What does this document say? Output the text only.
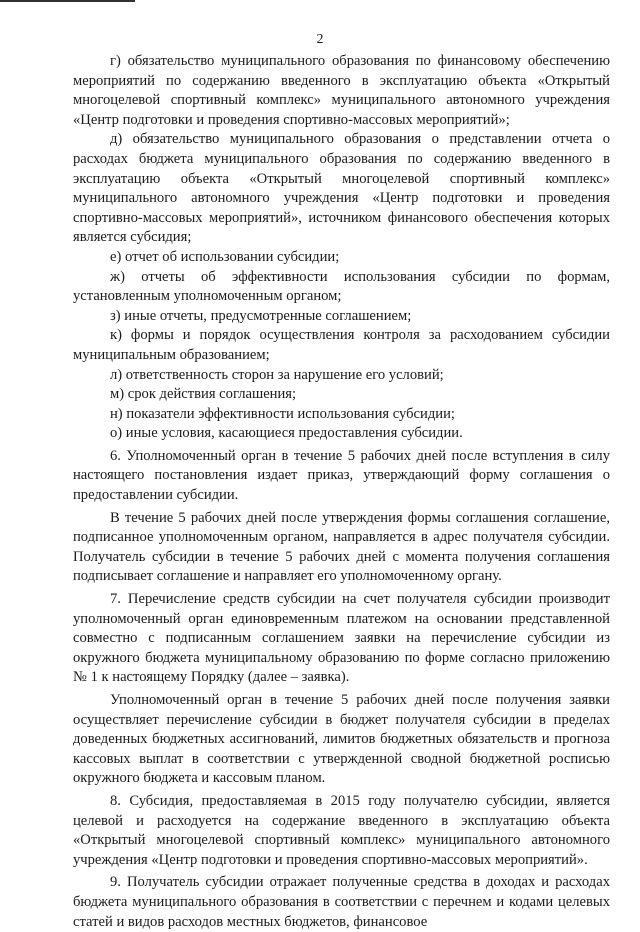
2

г) обязательство муниципального образования по финансовому обеспечению мероприятий по содержанию введенного в эксплуатацию объекта «Открытый многоцелевой спортивный комплекс» муниципального автономного учреждения «Центр подготовки и проведения спортивно-массовых мероприятий»;

д) обязательство муниципального образования о представлении отчета о расходах бюджета муниципального образования по содержанию введенного в эксплуатацию объекта «Открытый многоцелевой спортивный комплекс» муниципального автономного учреждения «Центр подготовки и проведения спортивно-массовых мероприятий», источником финансового обеспечения которых является субсидия;

е) отчет об использовании субсидии;

ж) отчеты об эффективности использования субсидии по формам, установленным уполномоченным органом;

з) иные отчеты, предусмотренные соглашением;

к) формы и порядок осуществления контроля за расходованием субсидии муниципальным образованием;

л) ответственность сторон за нарушение его условий;

м) срок действия соглашения;

н) показатели эффективности использования субсидии;

о) иные условия, касающиеся предоставления субсидии.

6. Уполномоченный орган в течение 5 рабочих дней после вступления в силу настоящего постановления издает приказ, утверждающий форму соглашения о предоставлении субсидии.

В течение 5 рабочих дней после утверждения формы соглашения соглашение, подписанное уполномоченным органом, направляется в адрес получателя субсидии. Получатель субсидии в течение 5 рабочих дней с момента получения соглашения подписывает соглашение и направляет его уполномоченному органу.

7. Перечисление средств субсидии на счет получателя субсидии производит уполномоченный орган единовременным платежом на основании представленной совместно с подписанным соглашением заявки на перечисление субсидии из окружного бюджета муниципальному образованию по форме согласно приложению № 1 к настоящему Порядку (далее – заявка).

Уполномоченный орган в течение 5 рабочих дней после получения заявки осуществляет перечисление субсидии в бюджет получателя субсидии в пределах доведенных бюджетных ассигнований, лимитов бюджетных обязательств и прогноза кассовых выплат в соответствии с утвержденной сводной бюджетной росписью окружного бюджета и кассовым планом.

8. Субсидия, предоставляемая в 2015 году получателю субсидии, является целевой и расходуется на содержание введенного в эксплуатацию объекта «Открытый многоцелевой спортивный комплекс» муниципального автономного учреждения «Центр подготовки и проведения спортивно-массовых мероприятий».

9. Получатель субсидии отражает полученные средства в доходах и расходах бюджета муниципального образования в соответствии с перечнем и кодами целевых статей и видов расходов местных бюджетов, финансовое
